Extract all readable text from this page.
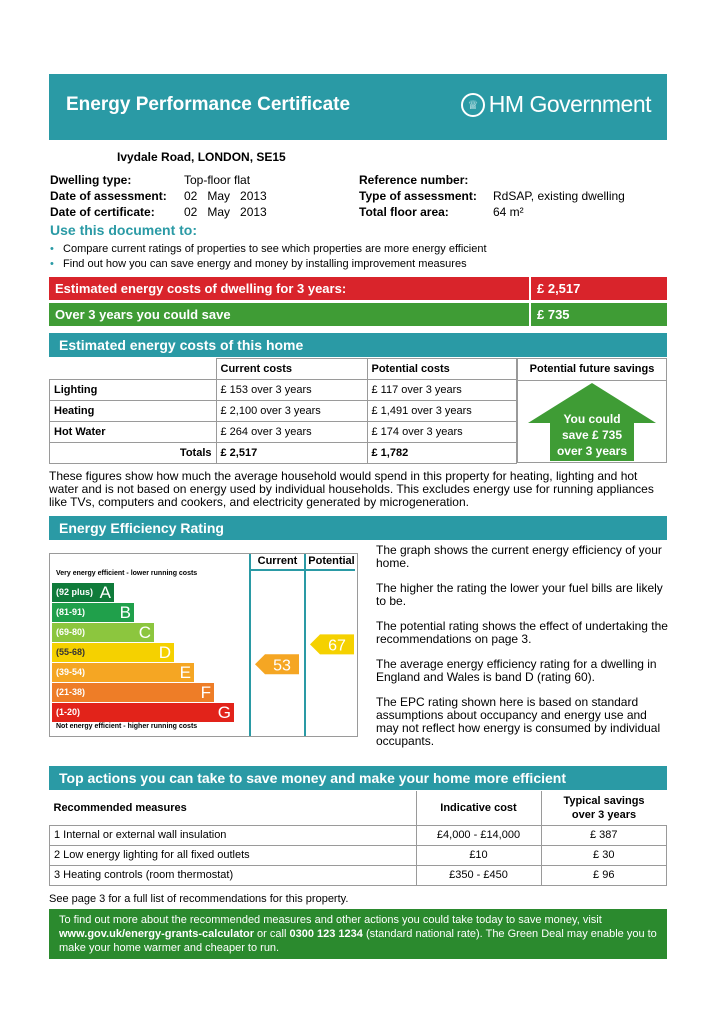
Energy Performance Certificate	♕ HM Government
Ivydale Road, LONDON, SE15
Dwelling type:	Top-floor flat
Date of assessment: 02   May   2013
Date of certificate: 02   May   2013
Reference number:
Type of assessment: RdSAP, existing dwelling
Total floor area:	64 m²
Use this document to:
• Compare current ratings of properties to see which properties are more energy efficient
• Find out how you can save energy and money by installing improvement measures
Estimated energy costs of dwelling for 3 years:	£ 2,517
Over 3 years you could save	£ 735
Estimated energy costs of this home
	Current costs	Potential costs
Lighting	£ 153 over 3 years	£ 117 over 3 years
Heating	£ 2,100 over 3 years	£ 1,491 over 3 years
Hot Water	£ 264 over 3 years	£ 174 over 3 years
Totals	£ 2,517	£ 1,782
Potential future savings
You could
save £ 735
over 3 years
These figures show how much the average household would spend in this property for heating, lighting and hot water and is not based on energy used by individual households. This excludes energy use for running appliances like TVs, computers and cookers, and electricity generated by microgeneration.
Energy Efficiency Rating
Current Potential
Very energy efficient - lower running costs
Not energy efficient - higher running costs
(92 plus) A
(81-91) B
(69-80)	C
(55-68)	D
(39-54)	E
(21-38)	F
(1-20)	G
53
67
The graph shows the current energy efficiency of your home.
The higher the rating the lower your fuel bills are likely to be.
The potential rating shows the effect of undertaking the recommendations on page 3.
The average energy efficiency rating for a dwelling in England and Wales is band D (rating 60).
The EPC rating shown here is based on standard assumptions about occupancy and energy use and may not reflect how energy is consumed by individual occupants.
Top actions you can take to save money and make your home more efficient
Recommended measures	Indicative cost	Typical savings
over 3 years
1 Internal or external wall insulation	£4,000 - £14,000	£ 387
2 Low energy lighting for all fixed outlets	£10	£ 30
3 Heating controls (room thermostat)	£350 - £450	£ 96
See page 3 for a full list of recommendations for this property.
To find out more about the recommended measures and other actions you could take today to save money, visit
www.gov.uk/energy-grants-calculator or call 0300 123 1234 (standard national rate). The Green Deal may enable you to
make your home warmer and cheaper to run.
